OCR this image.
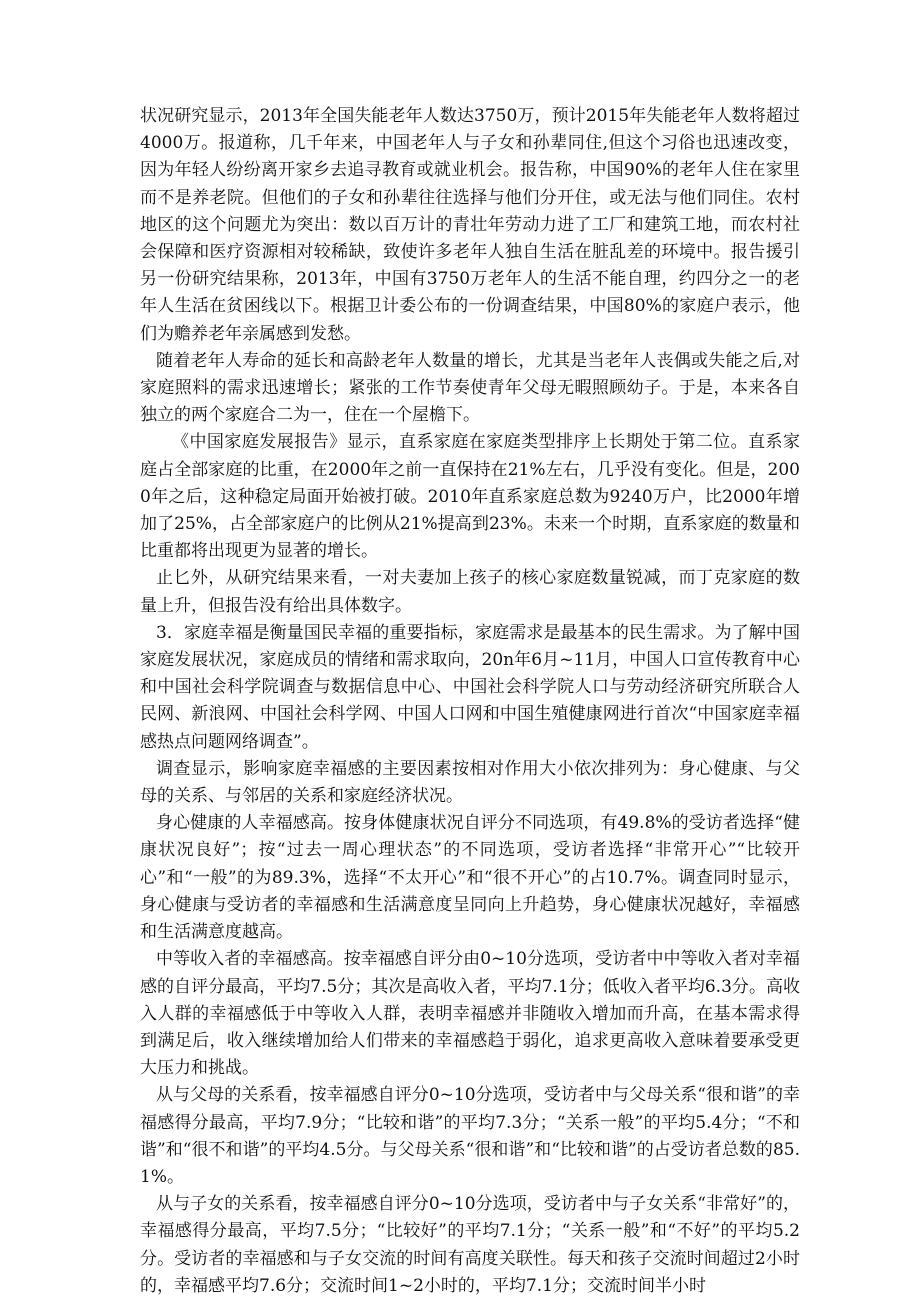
状况研究显示，2013年全国失能老年人数达3750万，预计2015年失能老年人数将超过4000万。报道称，几千年来，中国老年人与子女和孙辈同住,但这个习俗也迅速改变，因为年轻人纷纷离开家乡去追寻教育或就业机会。报告称，中国90%的老年人住在家里而不是养老院。但他们的子女和孙辈往往选择与他们分开住，或无法与他们同住。农村地区的这个问题尤为突出：数以百万计的青壮年劳动力进了工厂和建筑工地，而农村社会保障和医疗资源相对较稀缺，致使许多老年人独自生活在脏乱差的环境中。报告援引另一份研究结果称，2013年，中国有3750万老年人的生活不能自理，约四分之一的老年人生活在贫困线以下。根据卫计委公布的一份调查结果，中国80%的家庭户表示，他们为赡养老年亲属感到发愁。

随着老年人寿命的延长和高龄老年人数量的增长，尤其是当老年人丧偶或失能之后,对家庭照料的需求迅速增长；紧张的工作节奏使青年父母无暇照顾幼子。于是，本来各自独立的两个家庭合二为一，住在一个屋檐下。

《中国家庭发展报告》显示，直系家庭在家庭类型排序上长期处于第二位。直系家庭占全部家庭的比重，在2000年之前一直保持在21%左右，几乎没有变化。但是，2000年之后，这种稳定局面开始被打破。2010年直系家庭总数为9240万户，比2000年增加了25%，占全部家庭户的比例从21%提高到23%。未来一个时期，直系家庭的数量和比重都将出现更为显著的增长。

止匕外，从研究结果来看，一对夫妻加上孩子的核心家庭数量锐减，而丁克家庭的数量上升，但报告没有给出具体数字。

3．家庭幸福是衡量国民幸福的重要指标，家庭需求是最基本的民生需求。为了解中国家庭发展状况，家庭成员的情绪和需求取向，20n年6月~11月，中国人口宣传教育中心和中国社会科学院调查与数据信息中心、中国社会科学院人口与劳动经济研究所联合人民网、新浪网、中国社会科学网、中国人口网和中国生殖健康网进行首次“中国家庭幸福感热点问题网络调查”。

调查显示，影响家庭幸福感的主要因素按相对作用大小依次排列为：身心健康、与父母的关系、与邻居的关系和家庭经济状况。

身心健康的人幸福感高。按身体健康状况自评分不同选项，有49.8%的受访者选择“健康状况良好”；按“过去一周心理状态”的不同选项，受访者选择“非常开心”“比较开心”和“一般”的为89.3%，选择“不太开心”和“很不开心”的占10.7%。调查同时显示，身心健康与受访者的幸福感和生活满意度呈同向上升趋势，身心健康状况越好，幸福感和生活满意度越高。

中等收入者的幸福感高。按幸福感自评分由0~10分选项，受访者中中等收入者对幸福感的自评分最高，平均7.5分；其次是高收入者，平均7.1分；低收入者平均6.3分。高收入人群的幸福感低于中等收入人群，表明幸福感并非随收入增加而升高，在基本需求得到满足后，收入继续增加给人们带来的幸福感趋于弱化，追求更高收入意味着要承受更大压力和挑战。

从与父母的关系看，按幸福感自评分0~10分选项，受访者中与父母关系“很和谐”的幸福感得分最高，平均7.9分；“比较和谐”的平均7.3分；“关系一般”的平均5.4分；“不和谐”和“很不和谐”的平均4.5分。与父母关系“很和谐”和“比较和谐”的占受访者总数的85.1%。

从与子女的关系看，按幸福感自评分0~10分选项，受访者中与子女关系“非常好”的，幸福感得分最高，平均7.5分；“比较好”的平均7.1分；“关系一般”和“不好”的平均5.2分。受访者的幸福感和与子女交流的时间有高度关联性。每天和孩子交流时间超过2小时的，幸福感平均7.6分；交流时间1~2小时的，平均7.1分；交流时间半小时
